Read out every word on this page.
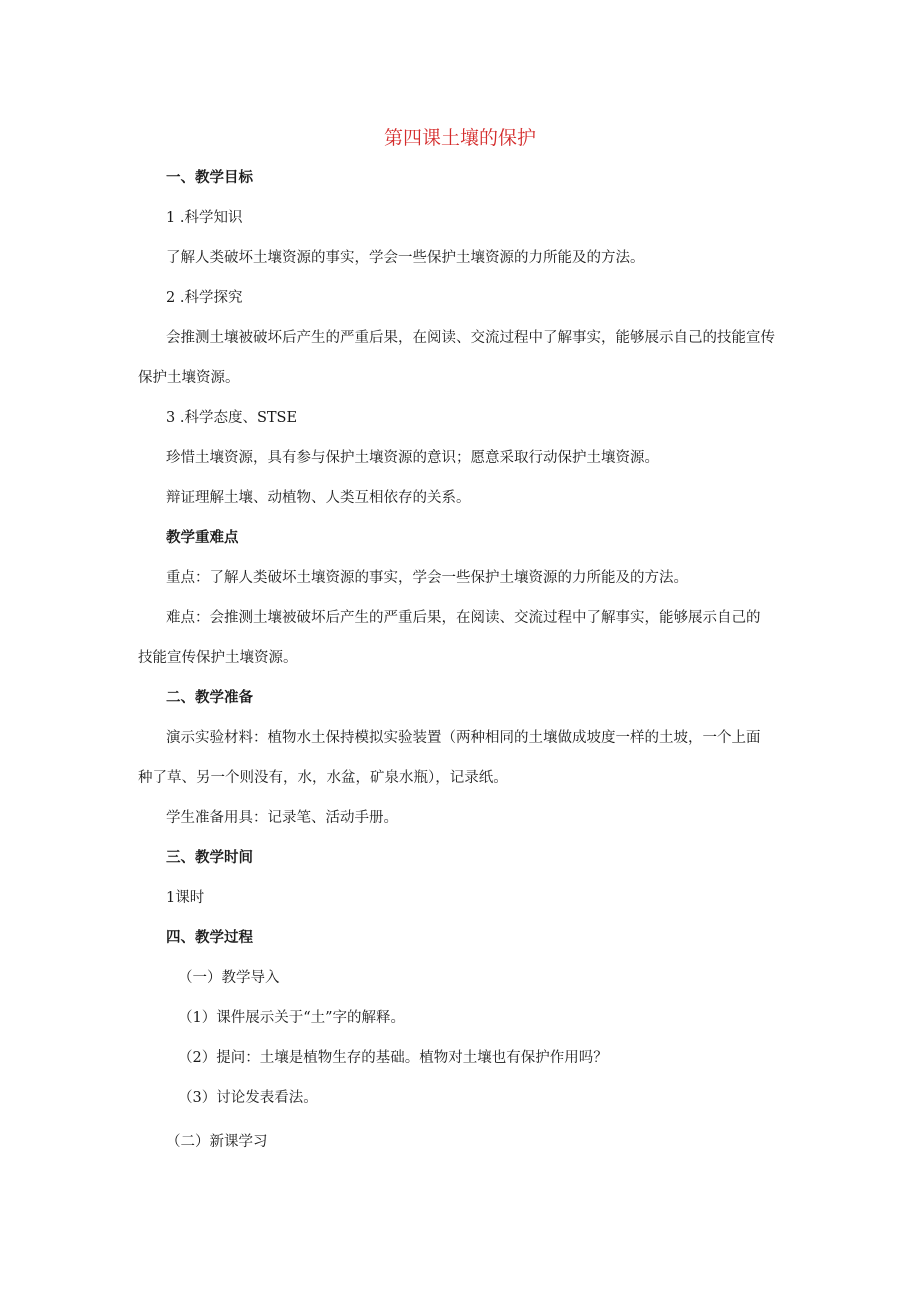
第四课土壤的保护
一、教学目标
1 .科学知识
了解人类破坏土壤资源的事实，学会一些保护土壤资源的力所能及的方法。
2 .科学探究
会推测土壤被破坏后产生的严重后果，在阅读、交流过程中了解事实，能够展示自己的技能宣传
保护土壤资源。
3 .科学态度、STSE
珍惜土壤资源，具有参与保护土壤资源的意识；愿意采取行动保护土壤资源。
辩证理解土壤、动植物、人类互相依存的关系。
教学重难点
重点：了解人类破坏土壤资源的事实，学会一些保护土壤资源的力所能及的方法。
难点：会推测土壤被破坏后产生的严重后果，在阅读、交流过程中了解事实，能够展示自己的
技能宣传保护土壤资源。
二、教学准备
演示实验材料：植物水土保持模拟实验装置（两种相同的土壤做成坡度一样的土坡，一个上面
种了草、另一个则没有，水，水盆，矿泉水瓶），记录纸。
学生准备用具：记录笔、活动手册。
三、教学时间
1课时
四、教学过程
（一）教学导入
（1）课件展示关于“土”字的解释。
（2）提问：土壤是植物生存的基础。植物对土壤也有保护作用吗？
（3）讨论发表看法。
（二）新课学习
